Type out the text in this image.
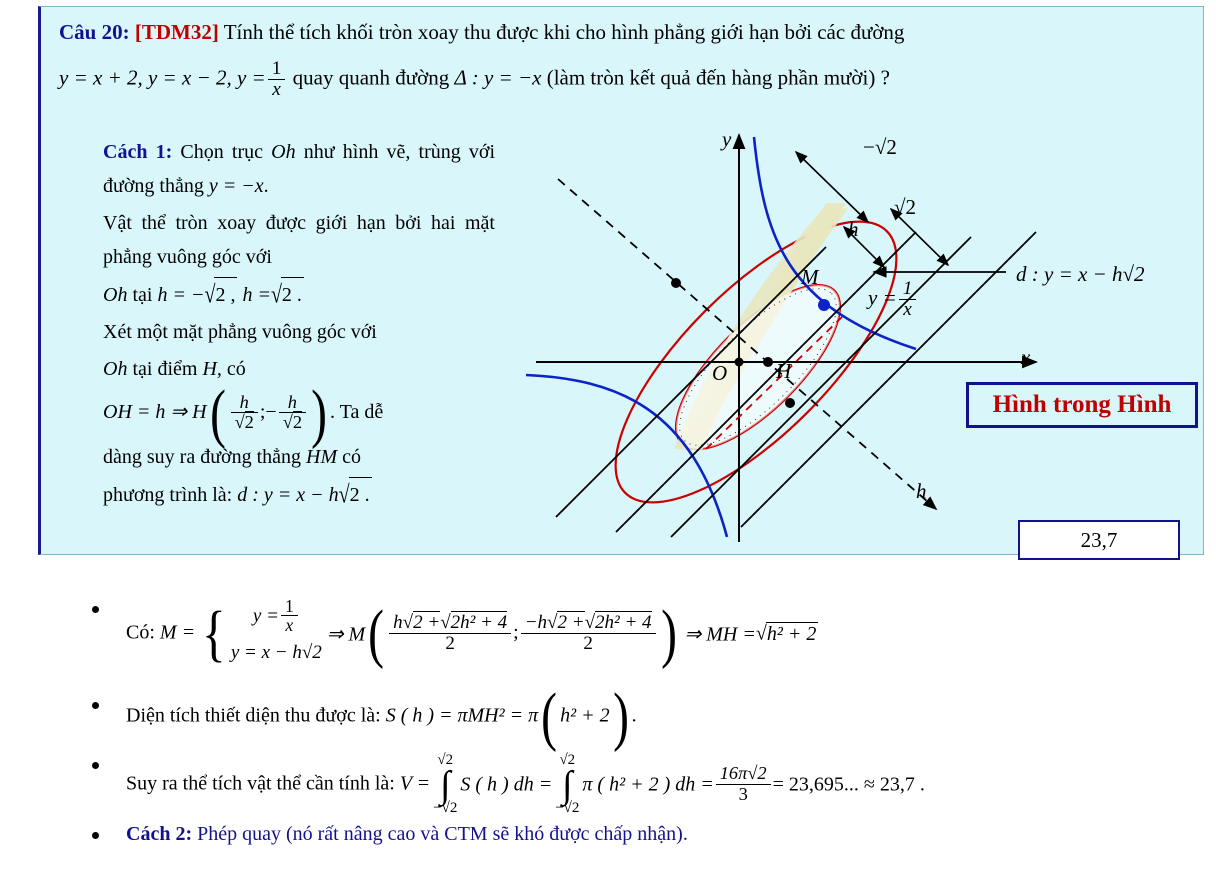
Câu 20: [TDM32] Tính thể tích khối tròn xoay thu được khi cho hình phẳng giới hạn bởi các đường
y = x + 2, y = x − 2, $y = \frac{1}{x}$ quay quanh đường Δ : y = −x (làm tròn kết quả đến hàng phần mười) ?

Cách 1: Chọn trục Oh như hình vẽ, trùng với đường thẳng y = −x.

Vật thể tròn xoay được giới hạn bởi hai mặt phẳng vuông góc với

Oh tại h = −√2 , h =√2 .

Xét một mặt phẳng vuông góc với

Oh tại điểm H, có

OH = h ⇒ $H( \frac{h}{√2}$ ;− $\frac{h}{√2}$ ) . Ta dễ

dàng suy ra đường thẳng HM có

phương trình là: d : y = x − h√2 .

y
x
O H
M
−√2
√2
h
h
$y = \frac{1}{x}$
d : y = x − h√2
Hình trong Hình
23,7
Có: M = {	$y = \frac{1}{x}$
y = x − h√2
⇒ $M( \frac{\text{h√2 +√2h² + 4}}{2}$ ; $\frac{\text{−h√2 +√2h² + 4}}{2}$ ) ⇒ MH =√h² + 2
Diện tích thiết diện thu được là: S ( h ) = πMH² = π( h² + 2) .
Suy ra thể tích vật thể cần tính là: V =√2
∫
−√2S ( h ) dh =√2
∫
−√2π ( h² + 2 ) dh = $\frac{16\pi√2}{3} = 23,695$... ≈ 23,7 .
Cách 2: Phép quay (nó rất nâng cao và CTM sẽ khó được chấp nhận).
